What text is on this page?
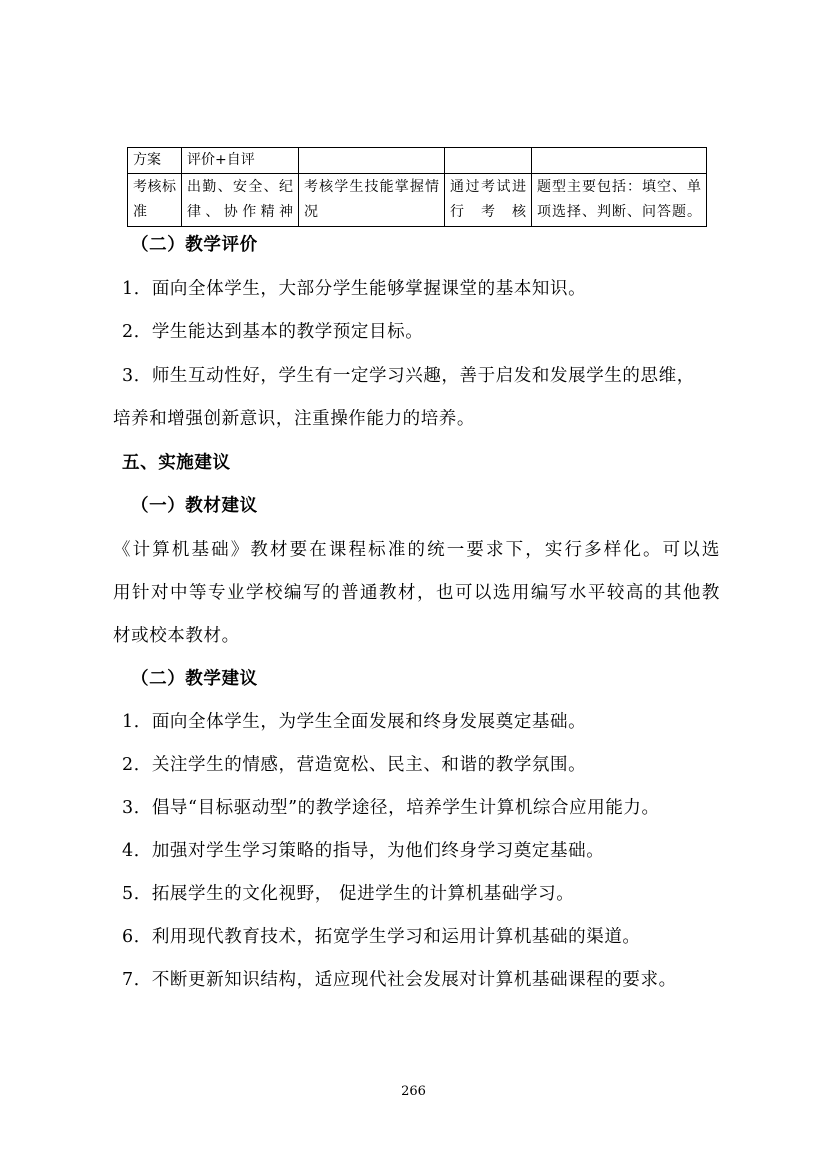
方案	评价+自评			
考核标准	出勤、安全、纪律、协作精神	考核学生技能掌握情况	通过考试进行考核	题型主要包括：填空、单项选择、判断、问答题。
（二）教学评价
1．面向全体学生，大部分学生能够掌握课堂的基本知识。
2．学生能达到基本的教学预定目标。
3．师生互动性好，学生有一定学习兴趣，善于启发和发展学生的思维，
培养和增强创新意识，注重操作能力的培养。
五、实施建议
（一）教材建议
《计算机基础》教材要在课程标准的统一要求下，实行多样化。可以选
用针对中等专业学校编写的普通教材，也可以选用编写水平较高的其他教
材或校本教材。
（二）教学建议
1．面向全体学生，为学生全面发展和终身发展奠定基础。
2．关注学生的情感，营造宽松、民主、和谐的教学氛围。
3．倡导“目标驱动型”的教学途径，培养学生计算机综合应用能力。
4．加强对学生学习策略的指导，为他们终身学习奠定基础。
5．拓展学生的文化视野， 促进学生的计算机基础学习。
6．利用现代教育技术，拓宽学生学习和运用计算机基础的渠道。
7．不断更新知识结构，适应现代社会发展对计算机基础课程的要求。
266
